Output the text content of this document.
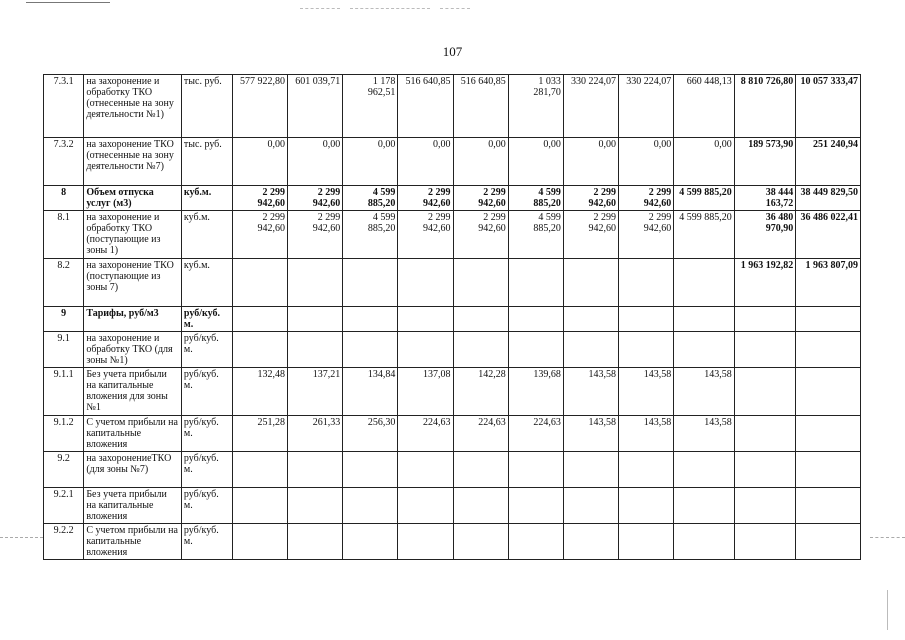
107
7.3.1	на захоронение и обработку ТКО (отнесенные на зону деятельности №1)	тыс. руб.	577 922,80	601 039,71	1 178 962,51	516 640,85	516 640,85	1 033 281,70	330 224,07	330 224,07	660 448,13	8 810 726,80	10 057 333,47
7.3.2	на захоронение ТКО (отнесенные на зону деятельности №7)	тыс. руб.	0,00	0,00	0,00	0,00	0,00	0,00	0,00	0,00	0,00	189 573,90	251 240,94
8	Объем отпуска услуг (м3)	куб.м.	2 299 942,60	2 299 942,60	4 599 885,20	2 299 942,60	2 299 942,60	4 599 885,20	2 299 942,60	2 299 942,60	4 599 885,20	38 444 163,72	38 449 829,50
8.1	на захоронение и обработку ТКО (поступающие из зоны 1)	куб.м.	2 299 942,60	2 299 942,60	4 599 885,20	2 299 942,60	2 299 942,60	4 599 885,20	2 299 942,60	2 299 942,60	4 599 885,20	36 480 970,90	36 486 022,41
8.2	на захоронение ТКО (поступающие из зоны 7)	куб.м.										1 963 192,82	1 963 807,09
9	Тарифы, руб/м3	руб/куб. м.											
9.1	на захоронение и обработку ТКО (для зоны №1)	руб/куб. м.											
9.1.1	Без учета прибыли на капитальные вложения для зоны №1	руб/куб. м.	132,48	137,21	134,84	137,08	142,28	139,68	143,58	143,58	143,58		
9.1.2	С учетом прибыли на капитальные вложения	руб/куб. м.	251,28	261,33	256,30	224,63	224,63	224,63	143,58	143,58	143,58		
9.2	на захоронениеТКО (для зоны №7)	руб/куб. м.											
9.2.1	Без учета прибыли на капитальные вложения	руб/куб. м.											
9.2.2	С учетом прибыли на капитальные вложения	руб/куб. м.											
